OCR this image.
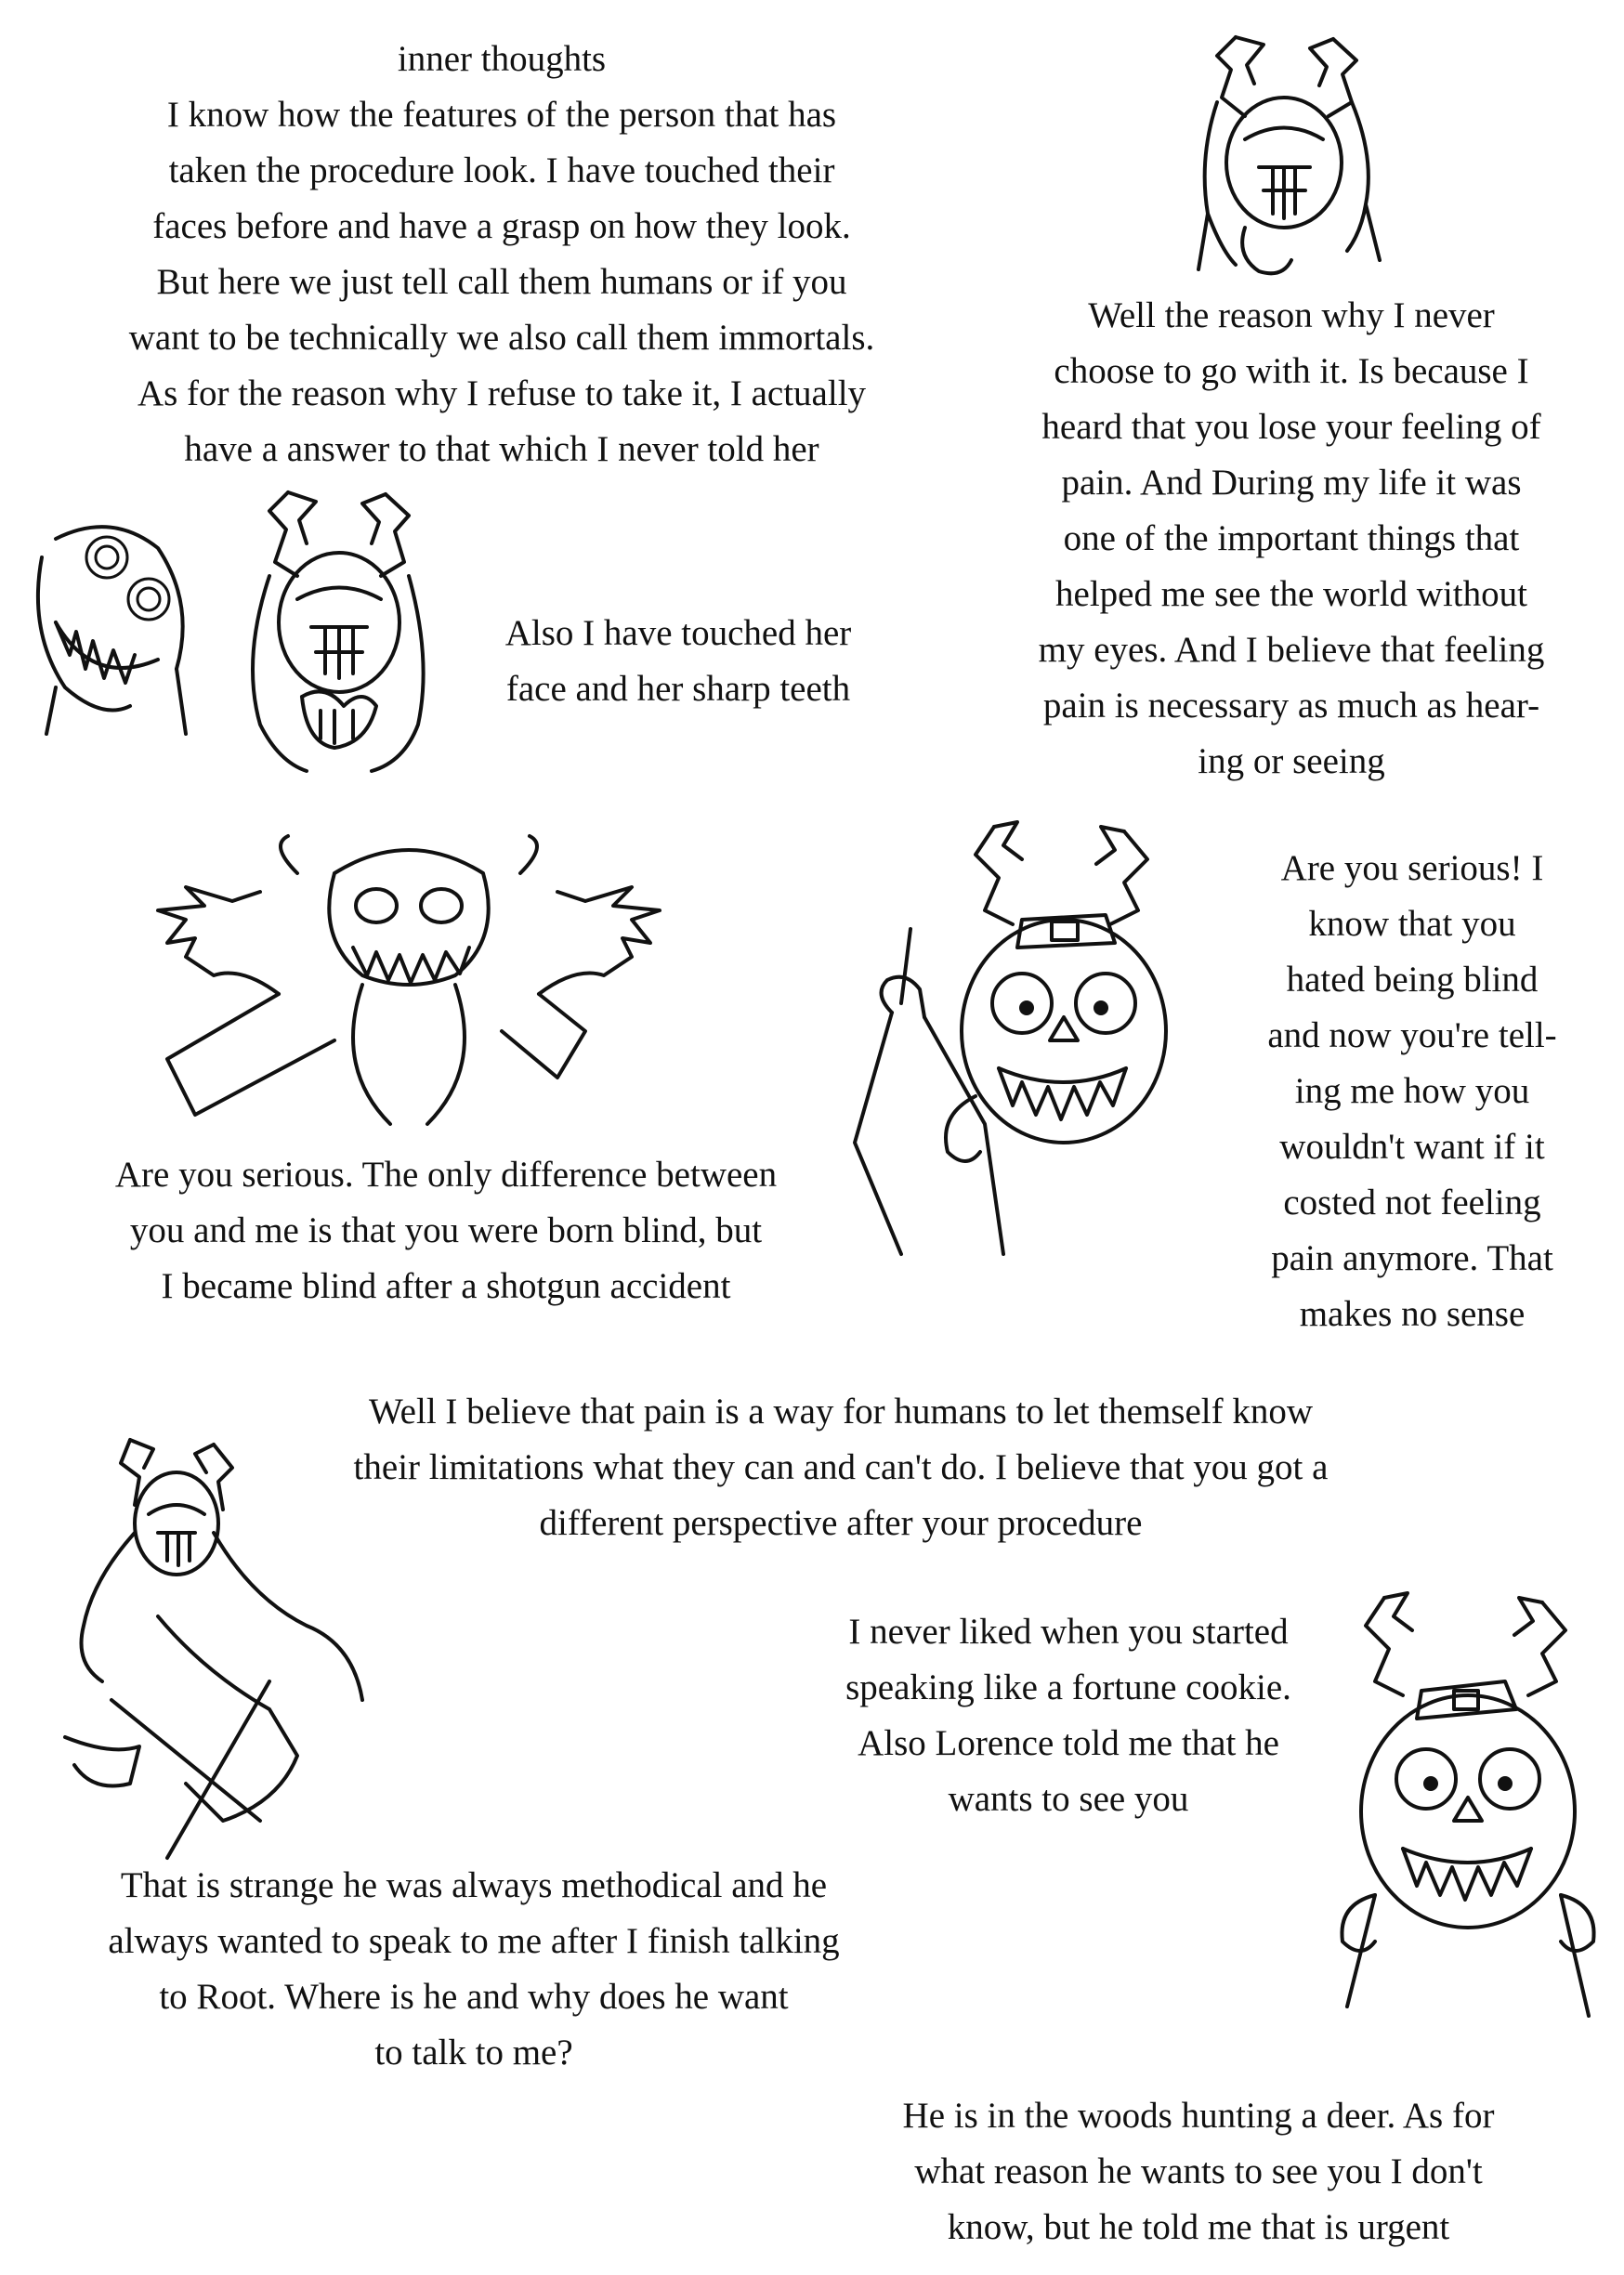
inner thoughts
I know how the features of the person that has
taken the procedure look. I have touched their
faces before and have a grasp on how they look.
But here we just tell call them humans or if you
want to be technically we also call them immortals.
As for the reason why I refuse to take it, I actually
have a answer to that which I never told her
Well the reason why I never
choose to go with it. Is because I
heard that you lose your feeling of
pain. And During my life it was
one of the important things that
helped me see the world without
my eyes. And I believe that feeling
pain is necessary as much as hear-
ing or seeing
Also I have touched her
face and her sharp teeth
Are you serious! I
know that you
hated being blind
and now you're tell-
ing me how you
wouldn't want if it
costed not feeling
pain anymore. That
makes no sense
Are you serious. The only difference between
you and me is that you were born blind, but
I became blind after a shotgun accident
Well I believe that pain is a way for humans to let themself know
their limitations what they can and can't do. I believe that you got a
different perspective after your procedure
I never liked when you started
speaking like a fortune cookie.
Also Lorence told me that he
wants to see you
That is strange he was always methodical and he
always wanted to speak to me after I finish talking
to Root. Where is he and why does he want
to talk to me?
He is in the woods hunting a deer. As for
what reason he wants to see you I don't
know, but he told me that is urgent
